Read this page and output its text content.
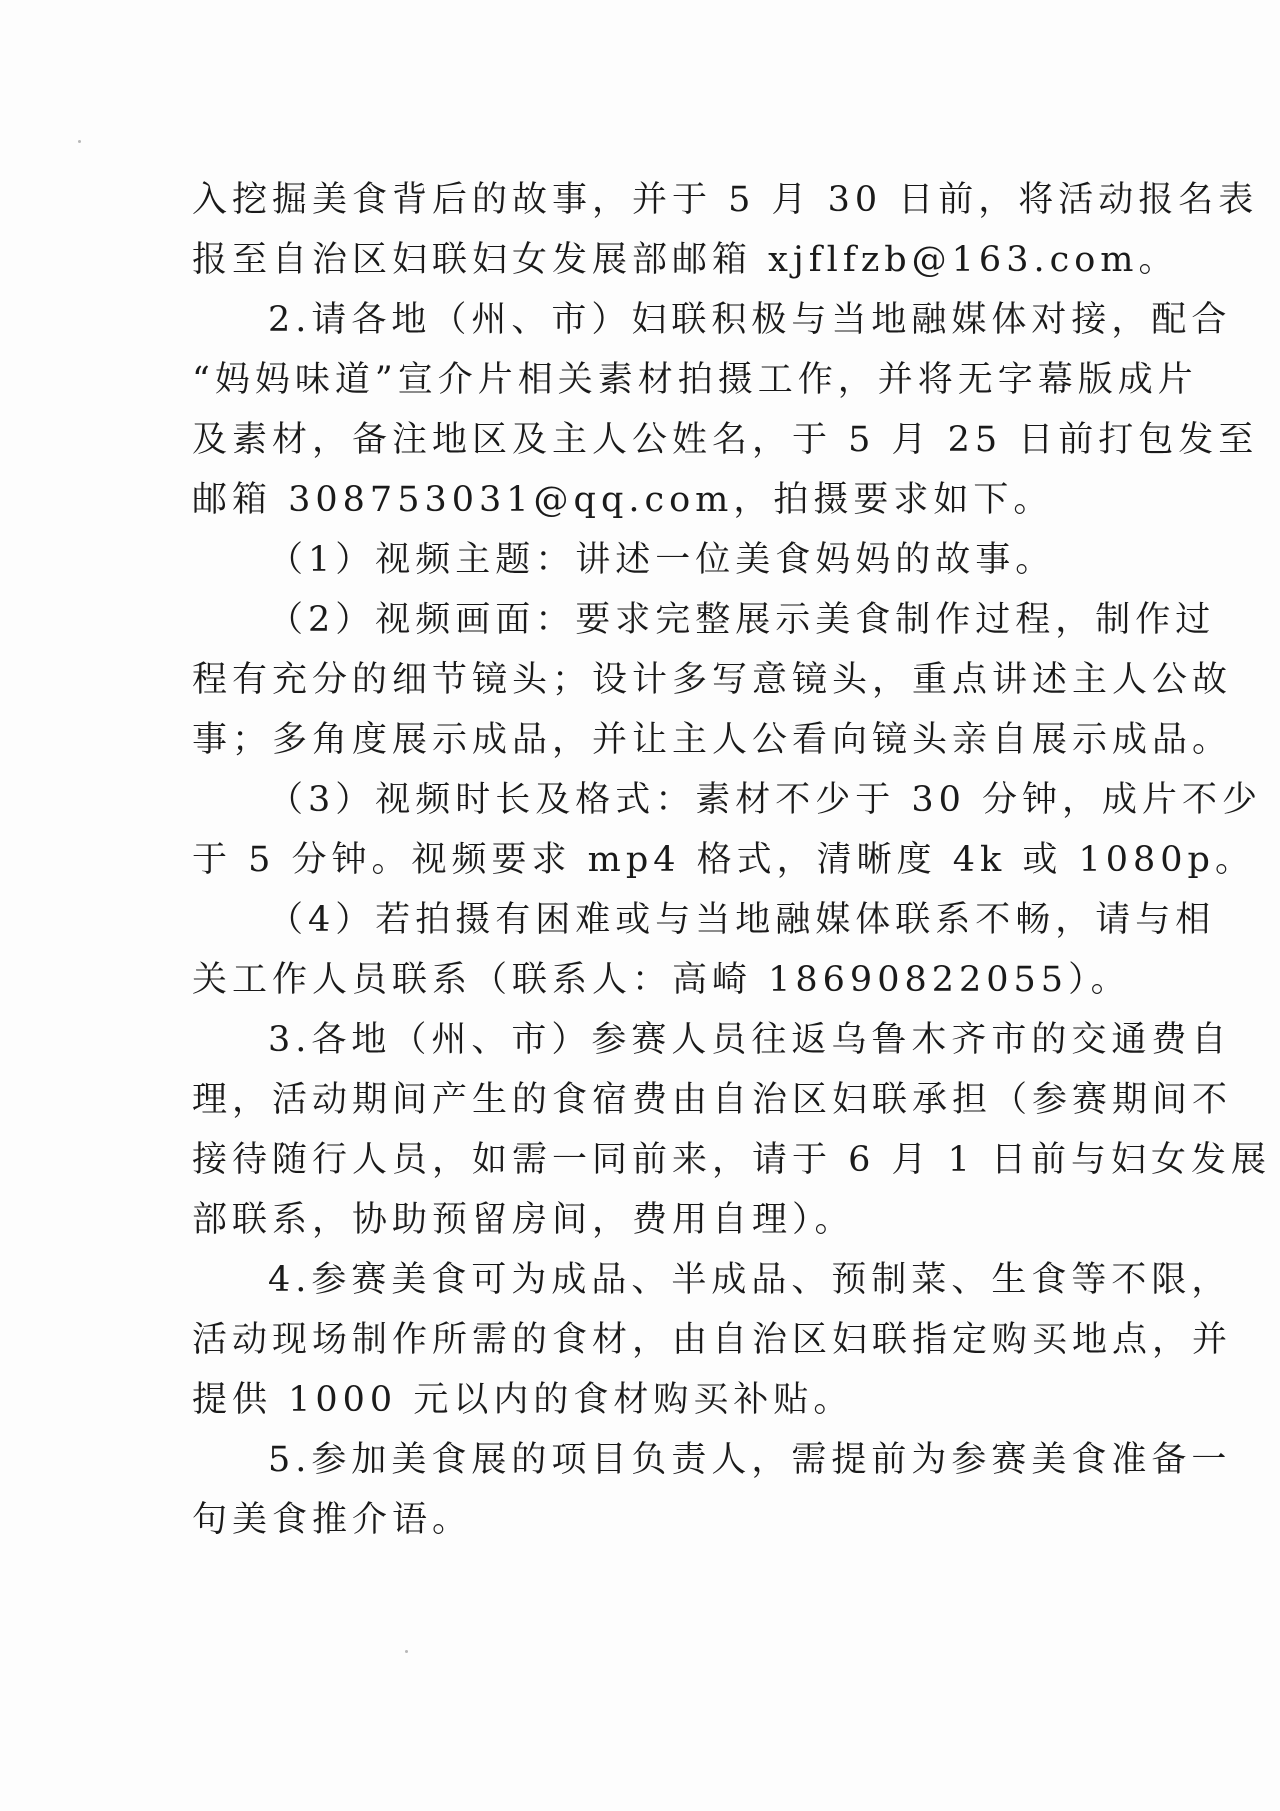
入挖掘美食背后的故事，并于 5 月 30 日前，将活动报名表
报至自治区妇联妇女发展部邮箱 xjflfzb@163.com。
2.请各地（州、市）妇联积极与当地融媒体对接，配合
“妈妈味道”宣介片相关素材拍摄工作，并将无字幕版成片
及素材，备注地区及主人公姓名，于 5 月 25 日前打包发至
邮箱 308753031@qq.com，拍摄要求如下。
（1）视频主题：讲述一位美食妈妈的故事。
（2）视频画面：要求完整展示美食制作过程，制作过
程有充分的细节镜头；设计多写意镜头，重点讲述主人公故
事；多角度展示成品，并让主人公看向镜头亲自展示成品。
（3）视频时长及格式：素材不少于 30 分钟，成片不少
于 5 分钟。视频要求 mp4 格式，清晰度 4k 或 1080p。
（4）若拍摄有困难或与当地融媒体联系不畅，请与相
关工作人员联系（联系人：高崎 18690822055）。
3.各地（州、市）参赛人员往返乌鲁木齐市的交通费自
理，活动期间产生的食宿费由自治区妇联承担（参赛期间不
接待随行人员，如需一同前来，请于 6 月 1 日前与妇女发展
部联系，协助预留房间，费用自理）。
4.参赛美食可为成品、半成品、预制菜、生食等不限，
活动现场制作所需的食材，由自治区妇联指定购买地点，并
提供 1000 元以内的食材购买补贴。
5.参加美食展的项目负责人，需提前为参赛美食准备一
句美食推介语。
